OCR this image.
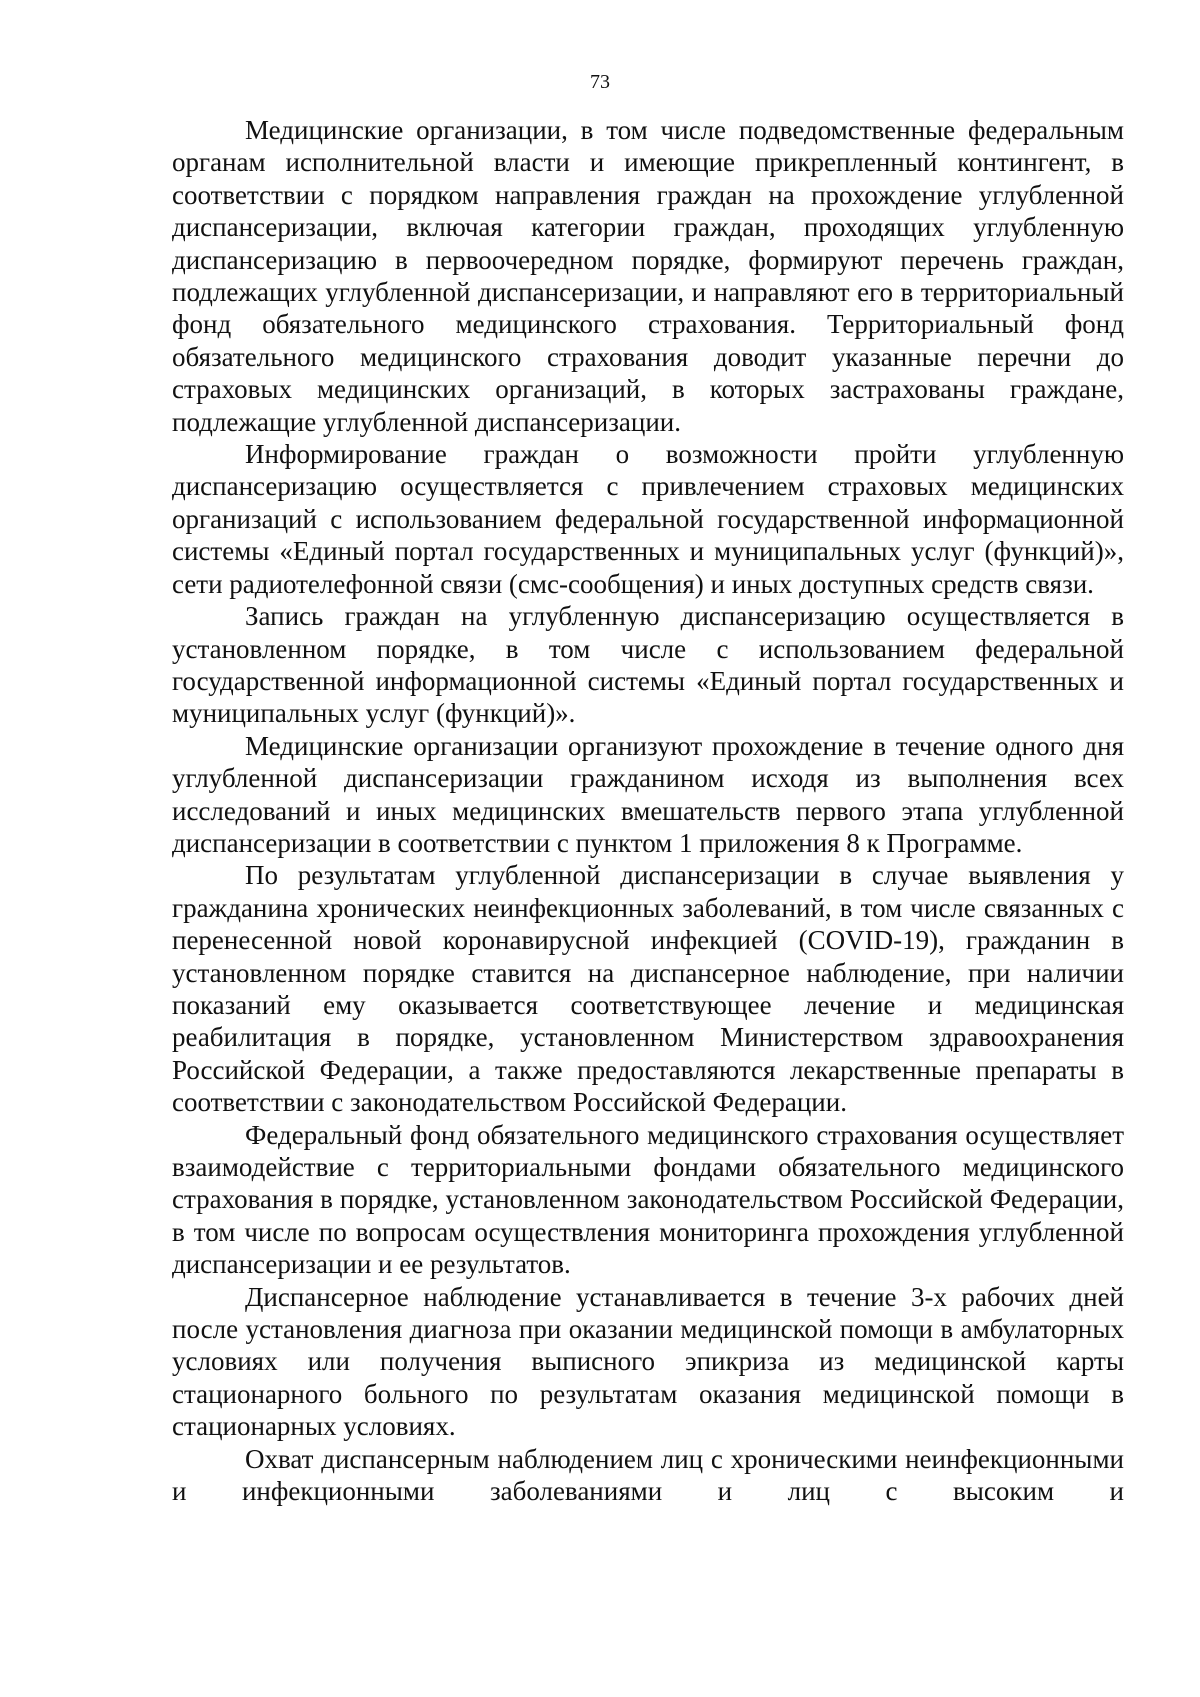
73

Медицинские организации, в том числе подведомственные федеральным органам исполнительной власти и имеющие прикрепленный контингент, в соответствии с порядком направления граждан на прохождение углубленной диспансеризации, включая категории граждан, проходящих углубленную диспансеризацию в первоочередном порядке, формируют перечень граждан, подлежащих углубленной диспансеризации, и направляют его в территориальный фонд обязательного медицинского страхования. Территориальный фонд обязательного медицинского страхования доводит указанные перечни до страховых медицинских организаций, в которых застрахованы граждане, подлежащие углубленной диспансеризации.

Информирование граждан о возможности пройти углубленную диспансеризацию осуществляется с привлечением страховых медицинских организаций с использованием федеральной государственной информационной системы «Единый портал государственных и муниципальных услуг (функций)», сети радиотелефонной связи (смс-сообщения) и иных доступных средств связи.

Запись граждан на углубленную диспансеризацию осуществляется в установленном порядке, в том числе с использованием федеральной государственной информационной системы «Единый портал государственных и муниципальных услуг (функций)».

Медицинские организации организуют прохождение в течение одного дня углубленной диспансеризации гражданином исходя из выполнения всех исследований и иных медицинских вмешательств первого этапа углубленной диспансеризации в соответствии с пунктом 1 приложения 8 к Программе.

По результатам углубленной диспансеризации в случае выявления у гражданина хронических неинфекционных заболеваний, в том числе связанных с перенесенной новой коронавирусной инфекцией (COVID-19), гражданин в установленном порядке ставится на диспансерное наблюдение, при наличии показаний ему оказывается соответствующее лечение и медицинская реабилитация в порядке, установленном Министерством здравоохранения Российской Федерации, а также предоставляются лекарственные препараты в соответствии с законодательством Российской Федерации.

Федеральный фонд обязательного медицинского страхования осуществляет взаимодействие с территориальными фондами обязательного медицинского страхования в порядке, установленном законодательством Российской Федерации, в том числе по вопросам осуществления мониторинга прохождения углубленной диспансеризации и ее результатов.

Диспансерное наблюдение устанавливается в течение 3-х рабочих дней после установления диагноза при оказании медицинской помощи в амбулаторных условиях или получения выписного эпикриза из медицинской карты стационарного больного по результатам оказания медицинской помощи в стационарных условиях.

Охват диспансерным наблюдением лиц с хроническими неинфекционными и инфекционными заболеваниями и лиц с высоким и
